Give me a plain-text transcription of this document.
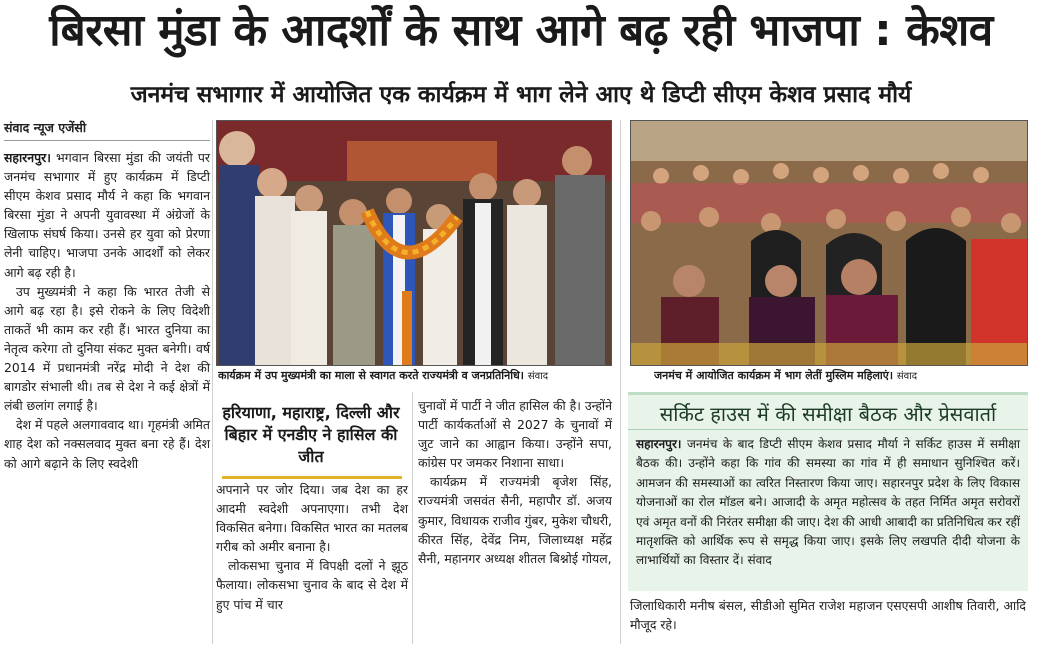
बिरसा मुंडा के आदर्शों के साथ आगे बढ़ रही भाजपा : केशव
जनमंच सभागार में आयोजित एक कार्यक्रम में भाग लेने आए थे डिप्टी सीएम केशव प्रसाद मौर्य
संवाद न्यूज एजेंसी

सहारनपुर। भगवान बिरसा मुंडा की जयंती पर जनमंच सभागार में हुए कार्यक्रम में डिप्टी सीएम केशव प्रसाद मौर्य ने कहा कि भगवान बिरसा मुंडा ने अपनी युवावस्था में अंग्रेजों के खिलाफ संघर्ष किया। उनसे हर युवा को प्रेरणा लेनी चाहिए। भाजपा उनके आदर्शों को लेकर आगे बढ़ रही है।

उप मुख्यमंत्री ने कहा कि भारत तेजी से आगे बढ़ रहा है। इसे रोकने के लिए विदेशी ताकतें भी काम कर रही हैं। भारत दुनिया का नेतृत्व करेगा तो दुनिया संकट मुक्त बनेगी। वर्ष 2014 में प्रधानमंत्री नरेंद्र मोदी ने देश की बागडोर संभाली थी। तब से देश ने कई क्षेत्रों में लंबी छलांग लगाई है।

देश में पहले अलगाववाद था। गृहमंत्री अमित शाह देश को नक्सलवाद मुक्त बना रहे हैं। देश को आगे बढ़ाने के लिए स्वदेशी

कार्यक्रम में उप मुख्यमंत्री का माला से स्वागत करते राज्यमंत्री व जनप्रतिनिधि। संवाद
हरियाणा, महाराष्ट्र, दिल्ली और बिहार में एनडीए ने हासिल की जीत

अपनाने पर जोर दिया। जब देश का हर आदमी स्वदेशी अपनाएगा। तभी देश विकसित बनेगा। विकसित भारत का मतलब गरीब को अमीर बनाना है।

लोकसभा चुनाव में विपक्षी दलों ने झूठ फैलाया। लोकसभा चुनाव के बाद से देश में हुए पांच में चार

चुनावों में पार्टी ने जीत हासिल की है। उन्होंने पार्टी कार्यकर्ताओं से 2027 के चुनावों में जुट जाने का आह्वान किया। उन्होंने सपा, कांग्रेस पर जमकर निशाना साधा।

कार्यक्रम में राज्यमंत्री बृजेश सिंह, राज्यमंत्री जसवंत सैनी, महापौर डॉ. अजय कुमार, विधायक राजीव गुंबर, मुकेश चौधरी, कीरत सिंह, देवेंद्र निम, जिलाध्यक्ष महेंद्र सैनी, महानगर अध्यक्ष शीतल बिश्नोई गोयल,

जनमंच में आयोजित कार्यक्रम में भाग लेतीं मुस्लिम महिलाएं। संवाद
सर्किट हाउस में की समीक्षा बैठक और प्रेसवार्ता
सहारनपुर। जनमंच के बाद डिप्टी सीएम केशव प्रसाद मौर्या ने सर्किट हाउस में समीक्षा बैठक की। उन्होंने कहा कि गांव की समस्या का गांव में ही समाधान सुनिश्चित करें। आमजन की समस्याओं का त्वरित निस्तारण किया जाए। सहारनपुर प्रदेश के लिए विकास योजनाओं का रोल मॉडल बने। आजादी के अमृत महोत्सव के तहत निर्मित अमृत सरोवरों एवं अमृत वनों की निरंतर समीक्षा की जाए। देश की आधी आबादी का प्रतिनिधित्व कर रहीं मातृशक्ति को आर्थिक रूप से समृद्ध किया जाए। इसके लिए लखपति दीदी योजना के लाभार्थियों का विस्तार दें। संवाद

जिलाधिकारी मनीष बंसल, सीडीओ सुमित राजेश महाजन एसएसपी आशीष तिवारी, आदि मौजूद रहे।
